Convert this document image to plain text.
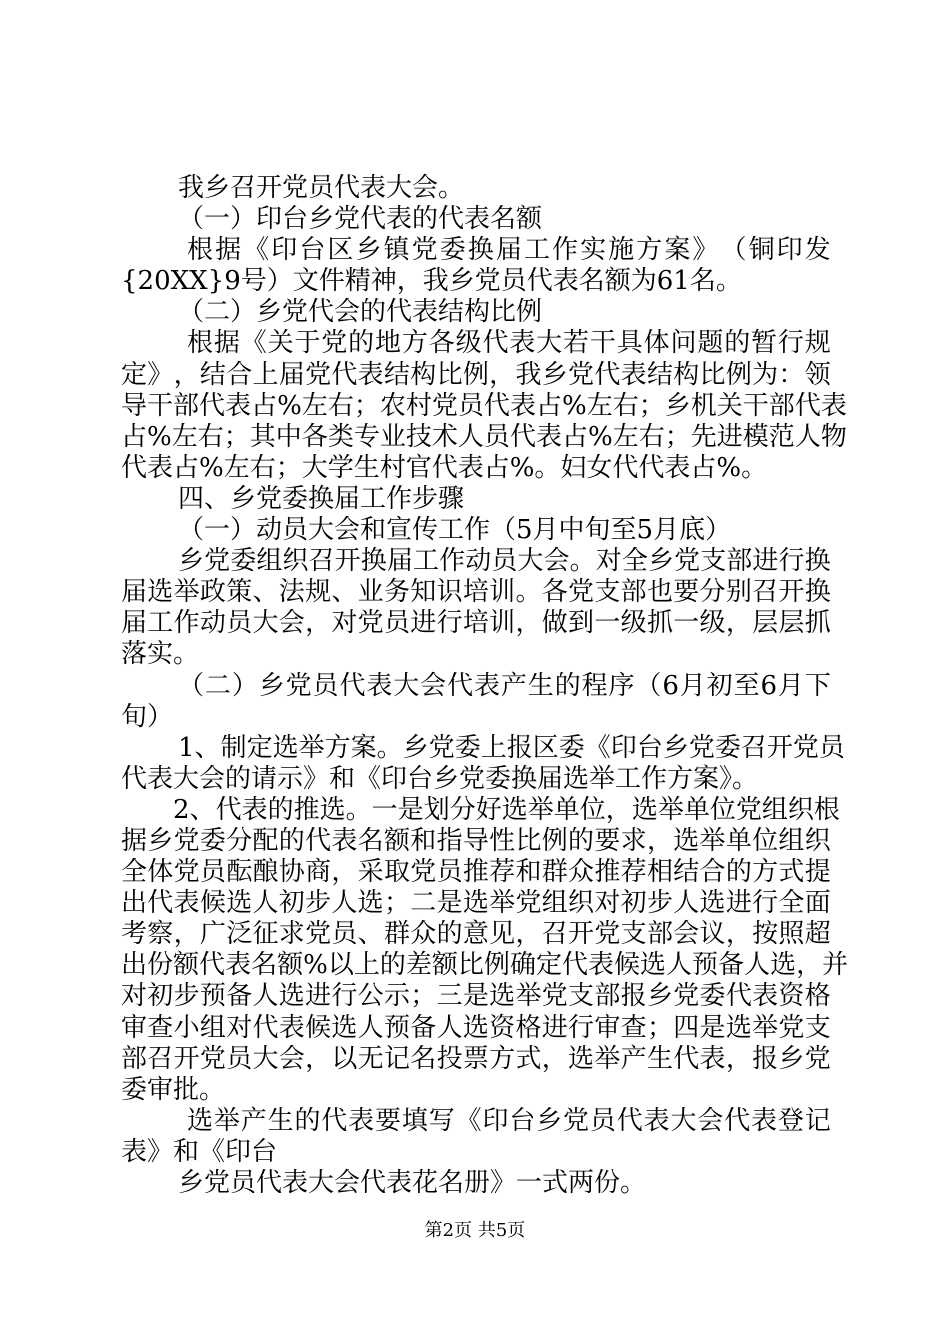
我乡召开党员代表大会。
（一）印台乡党代表的代表名额
根 据 《 印 台 区 乡 镇 党 委 换 届 工 作 实 施 方 案 》 （ 铜 印 发
{20XX}9号）文件精神，我乡党员代表名额为61名。
（二）乡党代会的代表结构比例
根 据 《 关 于 党 的 地 方 各 级 代 表 大 若 干 具 体 问 题 的 暂 行 规
定 》 ， 结 合 上 届 党 代 表 结 构 比 例 ， 我 乡 党 代 表 结 构 比 例 为 ： 领
导 干 部 代 表 占 % 左 右 ； 农 村 党 员 代 表 占 % 左 右 ； 乡 机 关 干 部 代 表
占 % 左 右 ； 其 中 各 类 专 业 技 术 人 员 代 表 占 % 左 右 ； 先 进 模 范 人 物
代表占%左右；大学生村官代表占%。妇女代代表占%。
四、乡党委换届工作步骤
（一）动员大会和宣传工作（5月中旬至5月底）
乡 党 委 组 织 召 开 换 届 工 作 动 员 大 会 。 对 全 乡 党 支 部 进 行 换
届 选 举 政 策 、 法 规 、 业 务 知 识 培 训 。 各 党 支 部 也 要 分 别 召 开 换
届 工 作 动 员 大 会 ， 对 党 员 进 行 培 训 ， 做 到 一 级 抓 一 级 ， 层 层 抓
落实。
（ 二 ） 乡 党 员 代 表 大 会 代 表 产 生 的 程 序 （ 6 月 初 至 6 月 下
旬）
1 、 制 定 选 举 方 案 。 乡 党 委 上 报 区 委 《 印 台 乡 党 委 召 开 党 员
代表大会的请示》和《印台乡党委换届选举工作方案》。
2 、 代 表 的 推 选 。 一 是 划 分 好 选 举 单 位 ， 选 举 单 位 党 组 织 根
据 乡 党 委 分 配 的 代 表 名 额 和 指 导 性 比 例 的 要 求 ， 选 举 单 位 组 织
全 体 党 员 酝 酿 协 商 ， 采 取 党 员 推 荐 和 群 众 推 荐 相 结 合 的 方 式 提
出 代 表 候 选 人 初 步 人 选 ； 二 是 选 举 党 组 织 对 初 步 人 选 进 行 全 面
考 察 ， 广 泛 征 求 党 员 、 群 众 的 意 见 ， 召 开 党 支 部 会 议 ， 按 照 超
出 份 额 代 表 名 额 % 以 上 的 差 额 比 例 确 定 代 表 候 选 人 预 备 人 选 ， 并
对 初 步 预 备 人 选 进 行 公 示 ； 三 是 选 举 党 支 部 报 乡 党 委 代 表 资 格
审 查 小 组 对 代 表 候 选 人 预 备 人 选 资 格 进 行 审 查 ； 四 是 选 举 党 支
部 召 开 党 员 大 会 ， 以 无 记 名 投 票 方 式 ， 选 举 产 生 代 表 ， 报 乡 党
委审批。
选 举 产 生 的 代 表 要 填 写 《 印 台 乡 党 员 代 表 大 会 代 表 登 记
表》和《印台
乡党员代表大会代表花名册》一式两份。
第2页 共5页
